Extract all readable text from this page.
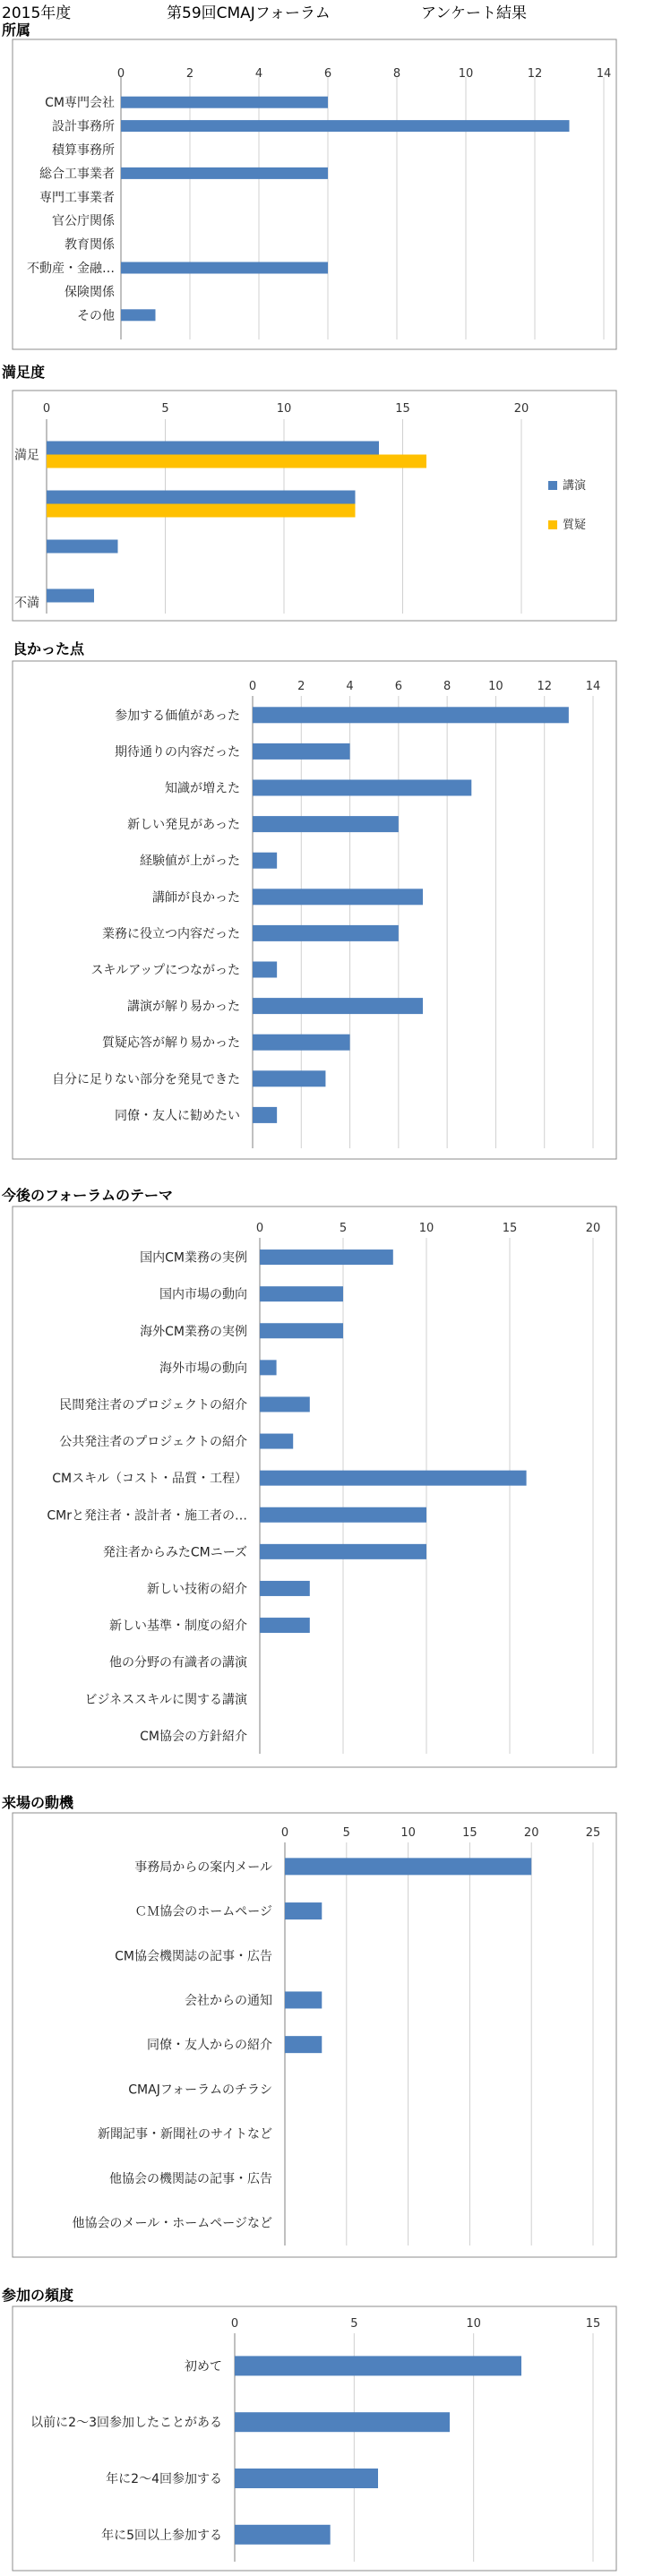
2015年度	第59回CMAJフォーラム	アンケート結果
所属
0	2	4	6	8	10	12	14
CM専門会社
設計事務所
積算事務所
総合工事業者
専門工事業者
官公庁関係
教育関係
不動産・金融…
保険関係
その他
満足度
0	5	10	15	20
満足
不満
講演
質疑
良かった点
0	2	4	6	8	10	12	14
参加する価値があった
期待通りの内容だった
知識が増えた
新しい発見があった
経験値が上がった
講師が良かった
業務に役立つ内容だった
スキルアップにつながった
講演が解り易かった
質疑応答が解り易かった
自分に足りない部分を発見できた
同僚・友人に勧めたい
今後のフォーラムのテーマ
0	5	10	15	20
国内CM業務の実例
国内市場の動向
海外CM業務の実例
海外市場の動向
民間発注者のプロジェクトの紹介
公共発注者のプロジェクトの紹介
CMスキル（コスト・品質・工程）
CMrと発注者・設計者・施工者の…
発注者からみたCMニーズ
新しい技術の紹介
新しい基準・制度の紹介
他の分野の有識者の講演
ビジネススキルに関する講演
CM協会の方針紹介
来場の動機
0	5	10	15	20	25
事務局からの案内メール
ＣＭ協会のホームページ
CM協会機関誌の記事・広告
会社からの通知
同僚・友人からの紹介
CMAJフォーラムのチラシ
新聞記事・新聞社のサイトなど
他協会の機関誌の記事・広告
他協会のメール・ホームページなど
参加の頻度
0	5	10	15
初めて
以前に2～3回参加したことがある
年に2～4回参加する
年に5回以上参加する
